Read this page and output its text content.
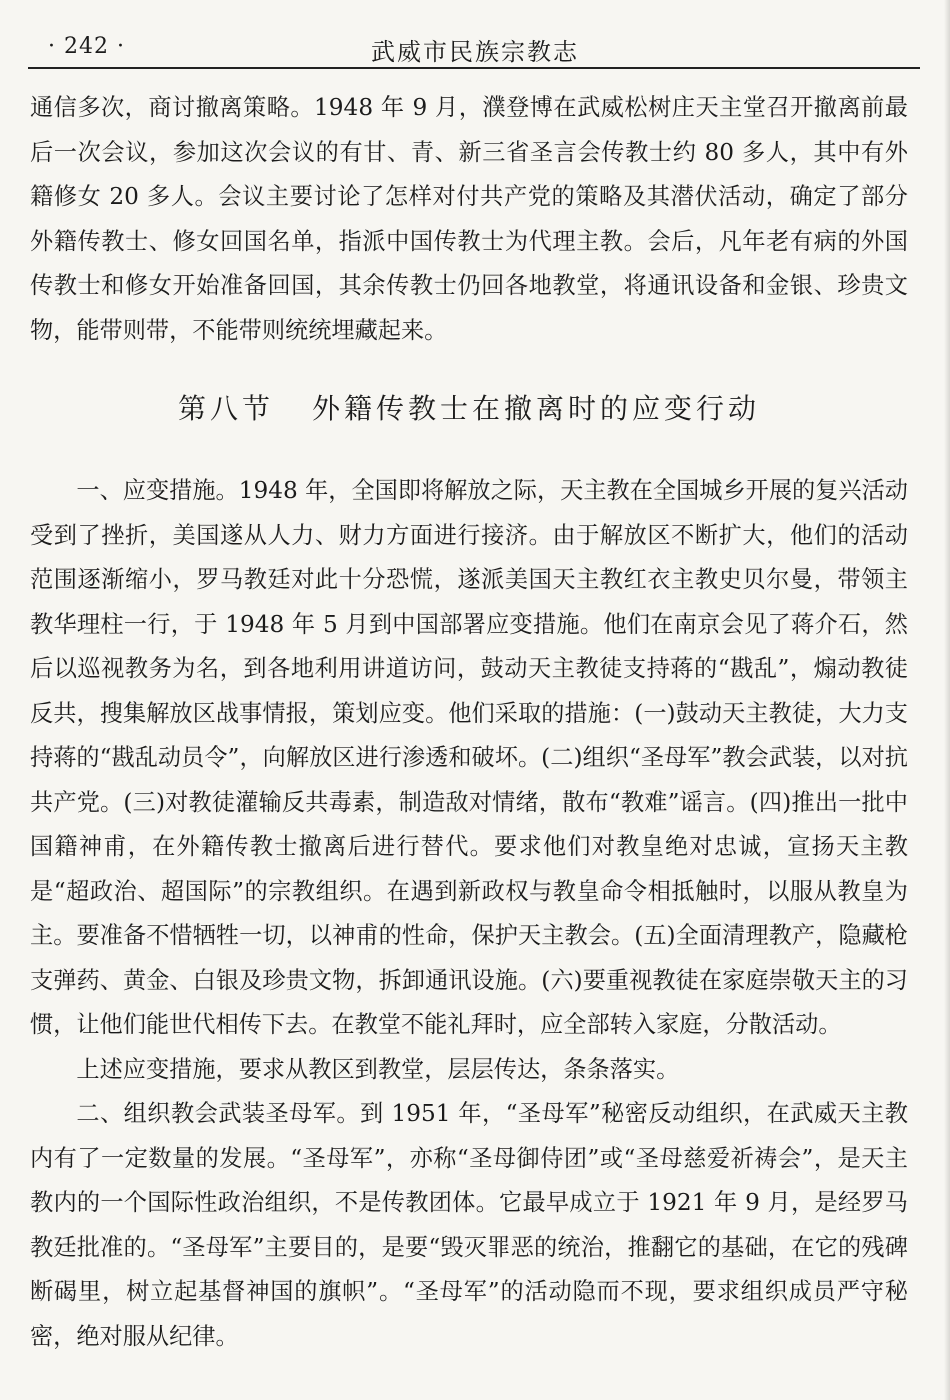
· 242 ·	武威市民族宗教志

通信多次，商讨撤离策略。1948 年 9 月，濮登博在武威松树庄天主堂召开撤离前最后一次会议，参加这次会议的有甘、青、新三省圣言会传教士约 80 多人，其中有外籍修女 20 多人。会议主要讨论了怎样对付共产党的策略及其潜伏活动，确定了部分外籍传教士、修女回国名单，指派中国传教士为代理主教。会后，凡年老有病的外国传教士和修女开始准备回国，其余传教士仍回各地教堂，将通讯设备和金银、珍贵文物，能带则带，不能带则统统埋藏起来。

第八节 外籍传教士在撤离时的应变行动

一、应变措施。1948 年，全国即将解放之际，天主教在全国城乡开展的复兴活动受到了挫折，美国遂从人力、财力方面进行接济。由于解放区不断扩大，他们的活动范围逐渐缩小，罗马教廷对此十分恐慌，遂派美国天主教红衣主教史贝尔曼，带领主教华理柱一行，于 1948 年 5 月到中国部署应变措施。他们在南京会见了蒋介石，然后以巡视教务为名，到各地利用讲道访问，鼓动天主教徒支持蒋的“戡乱”，煽动教徒反共，搜集解放区战事情报，策划应变。他们采取的措施：(一)鼓动天主教徒，大力支持蒋的“戡乱动员令”，向解放区进行渗透和破坏。(二)组织“圣母军”教会武装，以对抗共产党。(三)对教徒灌输反共毒素，制造敌对情绪，散布“教难”谣言。(四)推出一批中国籍神甫，在外籍传教士撤离后进行替代。要求他们对教皇绝对忠诚，宣扬天主教是“超政治、超国际”的宗教组织。在遇到新政权与教皇命令相抵触时，以服从教皇为主。要准备不惜牺牲一切，以神甫的性命，保护天主教会。(五)全面清理教产，隐藏枪支弹药、黄金、白银及珍贵文物，拆卸通讯设施。(六)要重视教徒在家庭崇敬天主的习惯，让他们能世代相传下去。在教堂不能礼拜时，应全部转入家庭，分散活动。

上述应变措施，要求从教区到教堂，层层传达，条条落实。

二、组织教会武装圣母军。到 1951 年，“圣母军”秘密反动组织，在武威天主教内有了一定数量的发展。“圣母军”，亦称“圣母御侍团”或“圣母慈爱祈祷会”，是天主教内的一个国际性政治组织，不是传教团体。它最早成立于 1921 年 9 月，是经罗马教廷批准的。“圣母军”主要目的，是要“毁灭罪恶的统治，推翻它的基础，在它的残碑断碣里，树立起基督神国的旗帜”。“圣母军”的活动隐而不现，要求组织成员严守秘密，绝对服从纪律。
